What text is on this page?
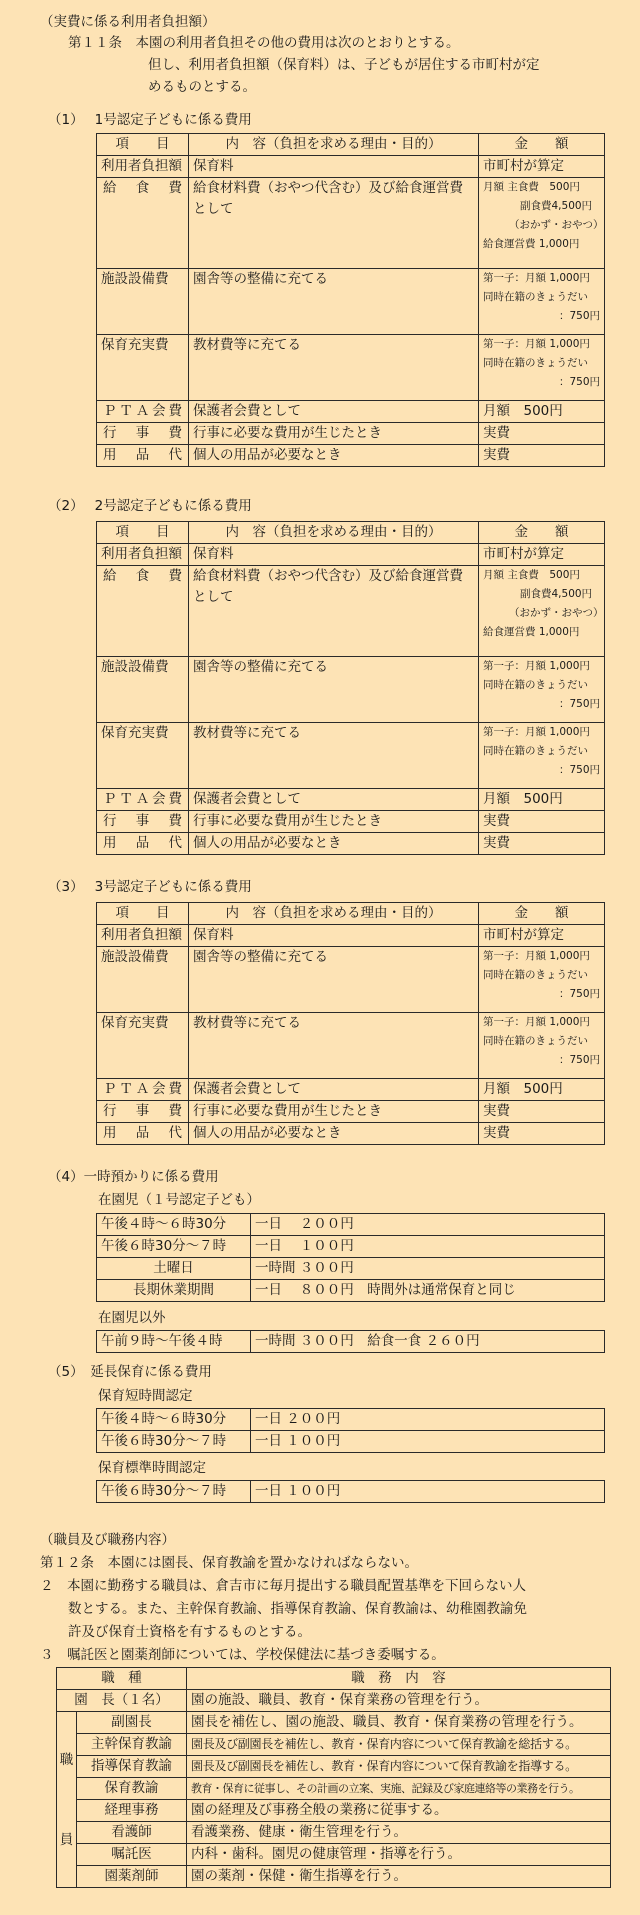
（実費に係る利用者負担額）
第１１条　本園の利用者負担その他の費用は次のとおりとする。
但し、利用者負担額（保育料）は、子どもが居住する市町村が定
めるものとする。
（1）　 1号認定子どもに係る費用
項　　目	内　容（負担を求める理由・目的）	金　　額
利用者負担額	保育料	市町村が算定
給　食　費	給食材料費（おやつ代含む）及び給食運営費として	月額 主食費　500円
副食費4,500円
（おかず・おやつ）
給食運営費 1,000円

施設設備費	園舎等の整備に充てる	第一子：月額 1,000円
同時在籍のきょうだい
：750円

保育充実費	教材費等に充てる	第一子：月額 1,000円
同時在籍のきょうだい
：750円

ＰＴＡ会費	保護者会費として	月額　500円
行　事　費	行事に必要な費用が生じたとき	実費
用　品　代	個人の用品が必要なとき	実費
（2）　 2号認定子どもに係る費用
項　　目	内　容（負担を求める理由・目的）	金　　額
利用者負担額	保育料	市町村が算定
給　食　費	給食材料費（おやつ代含む）及び給食運営費として	月額 主食費　500円
副食費4,500円
（おかず・おやつ）
給食運営費 1,000円

施設設備費	園舎等の整備に充てる	第一子：月額 1,000円
同時在籍のきょうだい
：750円

保育充実費	教材費等に充てる	第一子：月額 1,000円
同時在籍のきょうだい
：750円

ＰＴＡ会費	保護者会費として	月額　500円
行　事　費	行事に必要な費用が生じたとき	実費
用　品　代	個人の用品が必要なとき	実費
（3）　 3号認定子どもに係る費用
項　　目	内　容（負担を求める理由・目的）	金　　額
利用者負担額	保育料	市町村が算定
施設設備費	園舎等の整備に充てる	第一子：月額 1,000円
同時在籍のきょうだい
：750円

保育充実費	教材費等に充てる	第一子：月額 1,000円
同時在籍のきょうだい
：750円

ＰＴＡ会費	保護者会費として	月額　500円
行　事　費	行事に必要な費用が生じたとき	実費
用　品　代	個人の用品が必要なとき	実費
（4）一時預かりに係る費用
在園児（１号認定子ども）
午後４時～６時30分	一日　 ２００円
午後６時30分～７時	一日　 １００円
土曜日	一時間 ３００円
長期休業期間	一日　 ８００円　時間外は通常保育と同じ
在園児以外
午前９時～午後４時	一時間 ３００円　給食一食 ２６０円
（5）　延長保育に係る費用
保育短時間認定
午後４時～６時30分	一日 ２００円
午後６時30分～７時	一日 １００円
保育標準時間認定
午後６時30分～７時	一日 １００円
（職員及び職務内容）
第１２条　本園には園長、保育教諭を置かなければならない。
２　本園に勤務する職員は、倉吉市に毎月提出する職員配置基準を下回らない人
数とする。また、主幹保育教諭、指導保育教諭、保育教諭は、幼稚園教諭免
許及び保育士資格を有するものとする。
３　嘱託医と園薬剤師については、学校保健法に基づき委嘱する。
職　種		職　務　内　容
園　長（１名）		園の施設、職員、教育・保育業務の管理を行う。

職員	副園長	園長を補佐し、園の施設、職員、教育・保育業務の管理を行う。
	主幹保育教諭	園長及び副園長を補佐し、教育・保育内容について保育教諭を総括する。
	指導保育教諭	園長及び副園長を補佐し、教育・保育内容について保育教諭を指導する。
	保育教諭	教育・保育に従事し、その計画の立案、実施、記録及び家庭連絡等の業務を行う。
	経理事務	園の経理及び事務全般の業務に従事する。
	看護師	看護業務、健康・衛生管理を行う。
	嘱託医	内科・歯科。園児の健康管理・指導を行う。
	園薬剤師	園の薬剤・保健・衛生指導を行う。
